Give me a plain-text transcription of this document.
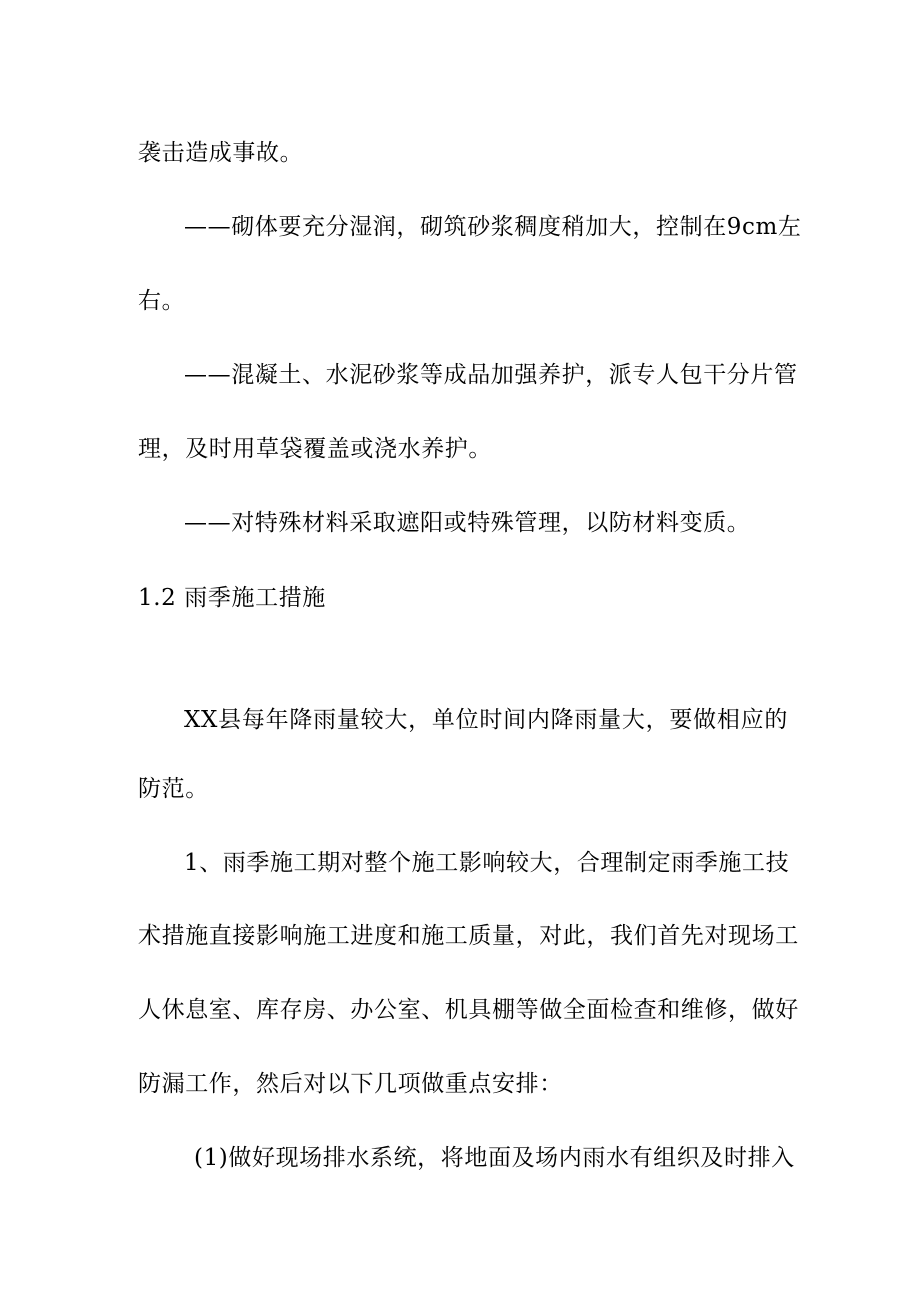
袭击造成事故。
——砌体要充分湿润，砌筑砂浆稠度稍加大，控制在9cm左
右。
——混凝土、水泥砂浆等成品加强养护，派专人包干分片管
理，及时用草袋覆盖或浇水养护。
——对特殊材料采取遮阳或特殊管理，以防材料变质。
1.2 雨季施工措施
XX县每年降雨量较大，单位时间内降雨量大，要做相应的
防范。
1、雨季施工期对整个施工影响较大，合理制定雨季施工技
术措施直接影响施工进度和施工质量，对此，我们首先对现场工
人休息室、库存房、办公室、机具棚等做全面检查和维修，做好
防漏工作，然后对以下几项做重点安排：
(1)做好现场排水系统，将地面及场内雨水有组织及时排入
